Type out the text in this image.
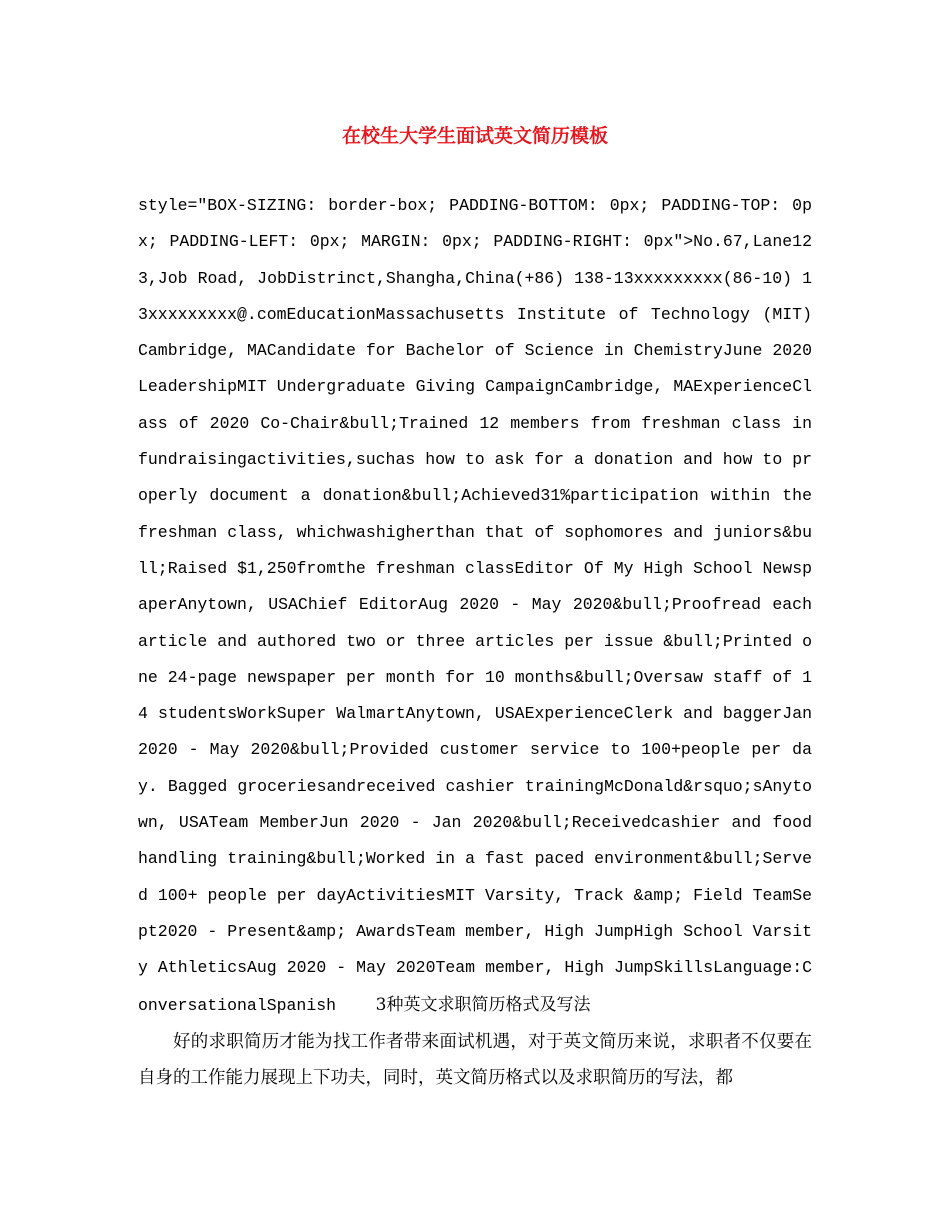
在校生大学生面试英文简历模板
style="BOX-SIZING: border-box; PADDING-BOTTOM: 0px; PADDING-TOP: 0px; PADDING-LEFT: 0px; MARGIN: 0px; PADDING-RIGHT: 0px">No.67,Lane123,Job Road, JobDistrinct,Shangha,China(+86) 138-13xxxxxxxxx(86-10) 13xxxxxxxxx@.comEducationMassachusetts Institute of Technology (MIT) Cambridge, MACandidate for Bachelor of Science in ChemistryJune 2020LeadershipMIT Undergraduate Giving CampaignCambridge, MAExperienceClass of 2020 Co-Chair&bull;Trained 12 members from freshman class in fundraisingactivities,suchas how to ask for a donation and how to properly document a donation&bull;Achieved31%participation within the freshman class, whichwashigherthan that of sophomores and juniors&bull;Raised $1,250fromthe freshman classEditor Of My High School NewspaperAnytown, USAChief EditorAug 2020 - May 2020&bull;Proofread each article and authored two or three articles per issue &bull;Printed one 24-page newspaper per month for 10 months&bull;Oversaw staff of 14 studentsWorkSuper WalmartAnytown, USAExperienceClerk and baggerJan 2020 - May 2020&bull;Provided customer service to 100+people per day. Bagged groceriesandreceived cashier trainingMcDonald&rsquo;sAnytown, USATeam MemberJun 2020 - Jan 2020&bull;Receivedcashier and food handling training&bull;Worked in a fast paced environment&bull;Served 100+ people per dayActivitiesMIT Varsity, Track &amp; Field TeamSept2020 - Present&amp; AwardsTeam member, High JumpHigh School Varsity AthleticsAug 2020 - May 2020Team member, High JumpSkillsLanguage:ConversationalSpanish 3种英文求职简历格式及写法

好的求职简历才能为找工作者带来面试机遇，对于英文简历来说，求职者不仅要在自身的工作能力展现上下功夫，同时，英文简历格式以及求职简历的写法，都
